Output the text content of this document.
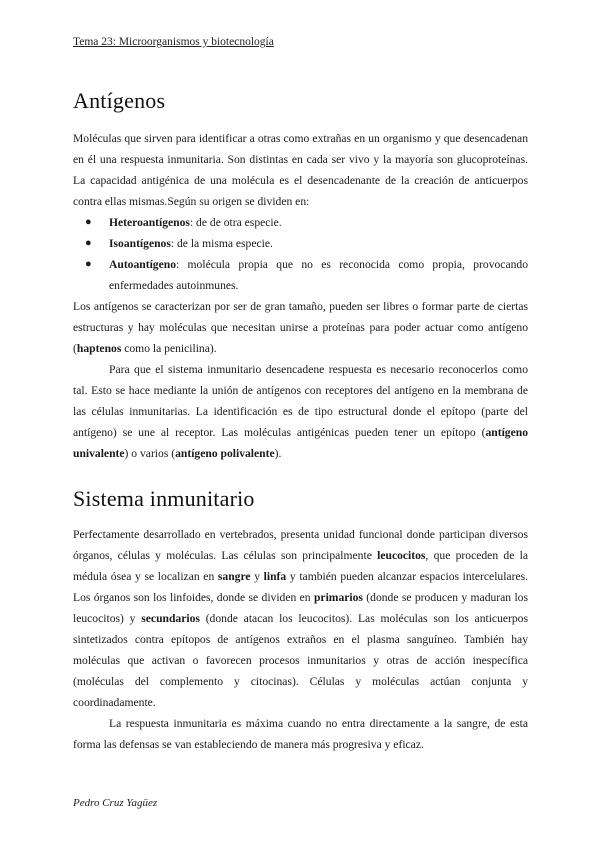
Tema 23: Microorganismos y biotecnología
Antígenos

Moléculas que sirven para identificar a otras como extrañas en un organismo y que desencadenan en él una respuesta inmunitaria. Son distintas en cada ser vivo y la mayoría son glucoproteínas. La capacidad antigénica de una molécula es el desencadenante de la creación de anticuerpos contra ellas mismas.Según su origen se dividen en:

● Heteroantígenos: de de otra especie.
● Isoantígenos: de la misma especie.
● Autoantígeno: molécula propia que no es reconocida como propia, provocando enfermedades autoinmunes.

Los antígenos se caracterizan por ser de gran tamaño, pueden ser libres o formar parte de ciertas estructuras y hay moléculas que necesitan unirse a proteínas para poder actuar como antígeno (haptenos como la penicilina).

Para que el sistema inmunitario desencadene respuesta es necesario reconocerlos como tal. Esto se hace mediante la unión de antígenos con receptores del antígeno en la membrana de las células inmunitarias. La identificación es de tipo estructural donde el epítopo (parte del antígeno) se une al receptor. Las moléculas antigénicas pueden tener un epítopo (antígeno univalente) o varios (antígeno polivalente).

Sistema inmunitario

Perfectamente desarrollado en vertebrados, presenta unidad funcional donde participan diversos órganos, células y moléculas. Las células son principalmente leucocitos, que proceden de la médula ósea y se localizan en sangre y linfa y también pueden alcanzar espacios intercelulares. Los órganos son los linfoides, donde se dividen en primarios (donde se producen y maduran los leucocitos) y secundarios (donde atacan los leucocitos). Las moléculas son los anticuerpos sintetizados contra epítopos de antígenos extraños en el plasma sanguíneo. También hay moléculas que activan o favorecen procesos inmunitarios y otras de acción inespecífica (moléculas del complemento y citocinas). Células y moléculas actúan conjunta y coordinadamente.

La respuesta inmunitaria es máxima cuando no entra directamente a la sangre, de esta forma las defensas se van estableciendo de manera más progresiva y eficaz.

Pedro Cruz Yagüez
